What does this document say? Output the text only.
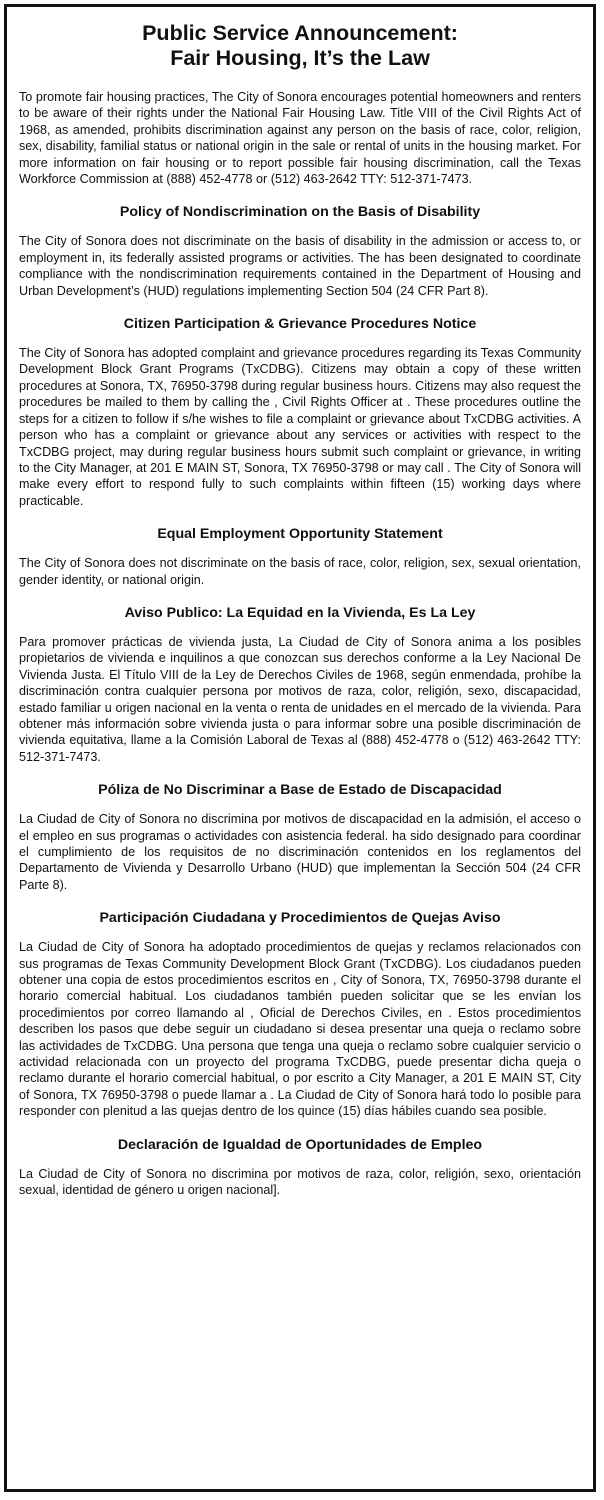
Public Service Announcement:
Fair Housing, It’s the Law

To promote fair housing practices, The City of Sonora encourages potential homeowners and renters to be aware of their rights under the National Fair Housing Law. Title VIII of the Civil Rights Act of 1968, as amended, prohibits discrimination against any person on the basis of race, color, religion, sex, disability, familial status or national origin in the sale or rental of units in the housing market. For more information on fair housing or to report possible fair housing discrimination, call the Texas Workforce Commission at (888) 452-4778 or (512) 463-2642 TTY: 512-371-7473.

Policy of Nondiscrimination on the Basis of Disability

The City of Sonora does not discriminate on the basis of disability in the admission or access to, or employment in, its federally assisted programs or activities. The has been designated to coordinate compliance with the nondiscrimination requirements contained in the Department of Housing and Urban Development’s (HUD) regulations implementing Section 504 (24 CFR Part 8).

Citizen Participation & Grievance Procedures Notice

The City of Sonora has adopted complaint and grievance procedures regarding its Texas Community Development Block Grant Programs (TxCDBG). Citizens may obtain a copy of these written procedures at Sonora, TX, 76950-3798 during regular business hours. Citizens may also request the procedures be mailed to them by calling the , Civil Rights Officer at . These procedures outline the steps for a citizen to follow if s/he wishes to file a complaint or grievance about TxCDBG activities. A person who has a complaint or grievance about any services or activities with respect to the TxCDBG project, may during regular business hours submit such complaint or grievance, in writing to the City Manager, at 201 E MAIN ST, Sonora, TX 76950-3798 or may call . The City of Sonora will make every effort to respond fully to such complaints within fifteen (15) working days where practicable.

Equal Employment Opportunity Statement

The City of Sonora does not discriminate on the basis of race, color, religion, sex, sexual orientation, gender identity, or national origin.

Aviso Publico: La Equidad en la Vivienda, Es La Ley

Para promover prácticas de vivienda justa, La Ciudad de City of Sonora anima a los posibles propietarios de vivienda e inquilinos a que conozcan sus derechos conforme a la Ley Nacional De Vivienda Justa. El Título VIII de la Ley de Derechos Civiles de 1968, según enmendada, prohíbe la discriminación contra cualquier persona por motivos de raza, color, religión, sexo, discapacidad, estado familiar u origen nacional en la venta o renta de unidades en el mercado de la vivienda. Para obtener más información sobre vivienda justa o para informar sobre una posible discriminación de vivienda equitativa, llame a la Comisión Laboral de Texas al (888) 452-4778 o (512) 463-2642 TTY: 512-371-7473.

Póliza de No Discriminar a Base de Estado de Discapacidad

La Ciudad de City of Sonora no discrimina por motivos de discapacidad en la admisión, el acceso o el empleo en sus programas o actividades con asistencia federal. ha sido designado para coordinar el cumplimiento de los requisitos de no discriminación contenidos en los reglamentos del Departamento de Vivienda y Desarrollo Urbano (HUD) que implementan la Sección 504 (24 CFR Parte 8).

Participación Ciudadana y Procedimientos de Quejas Aviso

La Ciudad de City of Sonora ha adoptado procedimientos de quejas y reclamos relacionados con sus programas de Texas Community Development Block Grant (TxCDBG). Los ciudadanos pueden obtener una copia de estos procedimientos escritos en , City of Sonora, TX, 76950-3798 durante el horario comercial habitual. Los ciudadanos también pueden solicitar que se les envían los procedimientos por correo llamando al , Oficial de Derechos Civiles, en . Estos procedimientos describen los pasos que debe seguir un ciudadano si desea presentar una queja o reclamo sobre las actividades de TxCDBG. Una persona que tenga una queja o reclamo sobre cualquier servicio o actividad relacionada con un proyecto del programa TxCDBG, puede presentar dicha queja o reclamo durante el horario comercial habitual, o por escrito a City Manager, a 201 E MAIN ST, City of Sonora, TX 76950-3798 o puede llamar a . La Ciudad de City of Sonora hará todo lo posible para responder con plenitud a las quejas dentro de los quince (15) días hábiles cuando sea posible.

Declaración de Igualdad de Oportunidades de Empleo

La Ciudad de City of Sonora no discrimina por motivos de raza, color, religión, sexo, orientación sexual, identidad de género u origen nacional].
